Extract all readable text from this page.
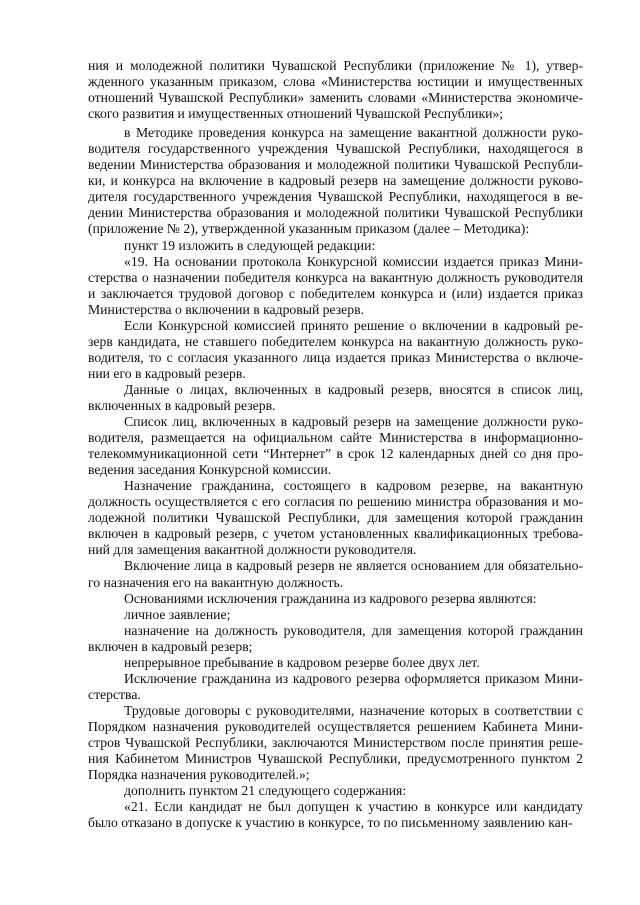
ния и молодежной политики Чувашской Республики (приложение № 1), утвержденного указанным приказом, слова «Министерства юстиции и имущественных отношений Чувашской Республики» заменить словами «Министерства экономического развития и имущественных отношений Чувашской Республики»;

в Методике проведения конкурса на замещение вакантной должности руководителя государственного учреждения Чувашской Республики, находящегося в ведении Министерства образования и молодежной политики Чувашской Республики, и конкурса на включение в кадровый резерв на замещение должности руководителя государственного учреждения Чувашской Республики, находящегося в ведении Министерства образования и молодежной политики Чувашской Республики (приложение № 2), утвержденной указанным приказом (далее – Методика):

пункт 19 изложить в следующей редакции:

«19. На основании протокола Конкурсной комиссии издается приказ Министерства о назначении победителя конкурса на вакантную должность руководителя и заключается трудовой договор с победителем конкурса и (или) издается приказ Министерства о включении в кадровый резерв.

Если Конкурсной комиссией принято решение о включении в кадровый резерв кандидата, не ставшего победителем конкурса на вакантную должность руководителя, то с согласия указанного лица издается приказ Министерства о включении его в кадровый резерв.

Данные о лицах, включенных в кадровый резерв, вносятся в список лиц, включенных в кадровый резерв.

Список лиц, включенных в кадровый резерв на замещение должности руководителя, размещается на официальном сайте Министерства в информационно-телекоммуникационной сети “Интернет” в срок 12 календарных дней со дня проведения заседания Конкурсной комиссии.

Назначение гражданина, состоящего в кадровом резерве, на вакантную должность осуществляется с его согласия по решению министра образования и молодежной политики Чувашской Республики, для замещения которой гражданин включен в кадровый резерв, с учетом установленных квалификационных требований для замещения вакантной должности руководителя.

Включение лица в кадровый резерв не является основанием для обязательного назначения его на вакантную должность.

Основаниями исключения гражданина из кадрового резерва являются:

личное заявление;

назначение на должность руководителя, для замещения которой гражданин включен в кадровый резерв;

непрерывное пребывание в кадровом резерве более двух лет.

Исключение гражданина из кадрового резерва оформляется приказом Министерства.

Трудовые договоры с руководителями, назначение которых в соответствии с Порядком назначения руководителей осуществляется решением Кабинета Министров Чувашской Республики, заключаются Министерством после принятия решения Кабинетом Министров Чувашской Республики, предусмотренного пунктом 2 Порядка назначения руководителей.»;

дополнить пунктом 21 следующего содержания:

«21. Если кандидат не был допущен к участию в конкурсе или кандидату было отказано в допуске к участию в конкурсе, то по письменному заявлению кан-
